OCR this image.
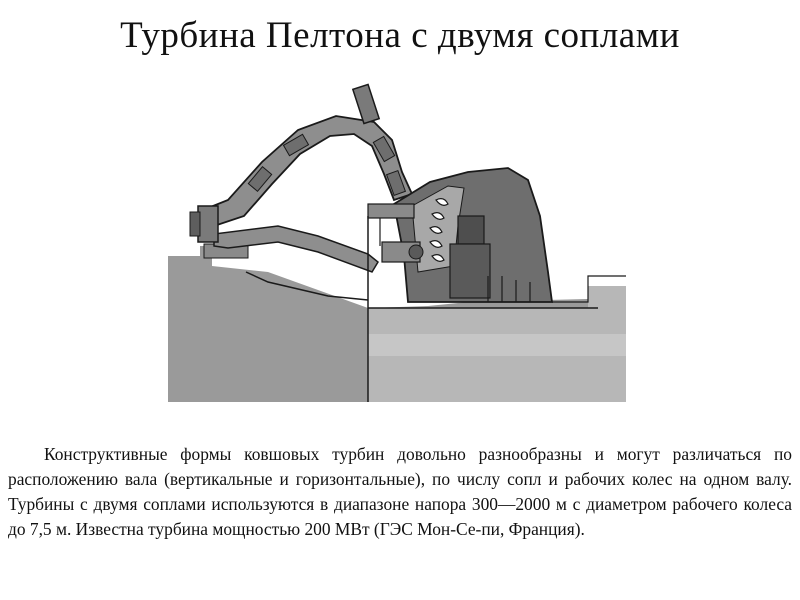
Турбина Пелтона с двумя соплами

Конструктивные формы ковшовых турбин довольно разнообразны и могут различаться по расположению вала (вертикальные и горизонтальные), по числу сопл и рабочих колес на одном валу. Турбины с двумя соплами используются в диапазоне напора 300—2000 м с диаметром рабочего колеса до 7,5 м. Известна турбина мощностью 200 МВт (ГЭС Мон-Се-пи, Франция).
